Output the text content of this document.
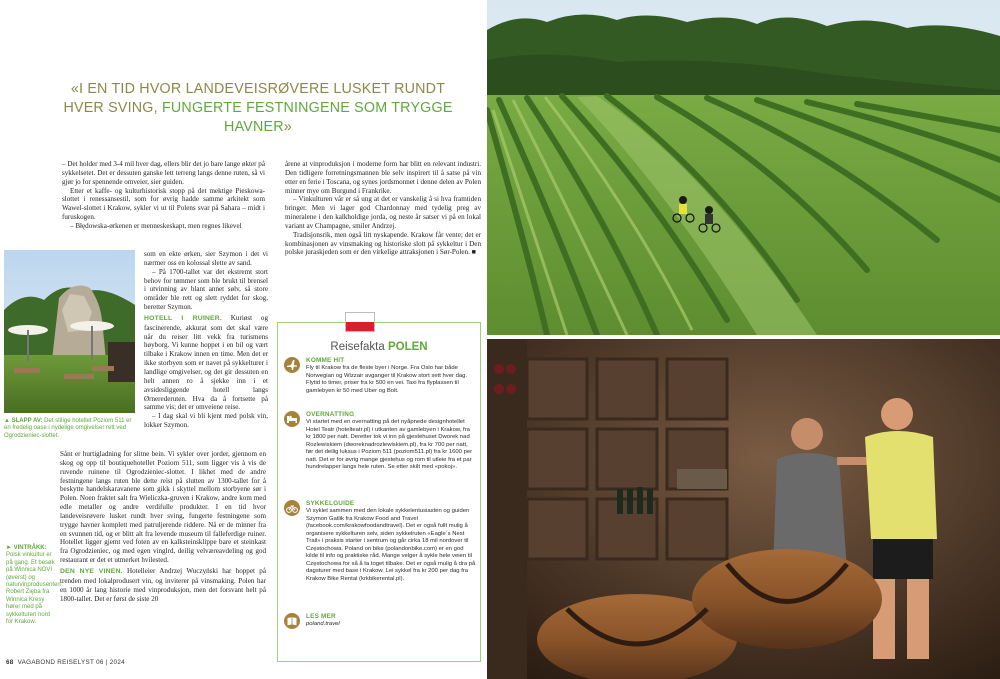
«I EN TID HVOR LANDEVEISRØVERE LUSKET RUNDT HVER SVING, FUNGERTE FESTNINGENE SOM TRYGGE HAVNER»

– Det holder med 3-4 mil hver dag, ellers blir det jo bare lange økter på sykkelsetet. Det er dessuten ganske lett terreng langs denne ruten, så vi gjør jo for spennende omveier, sier guiden.

Etter et kaffe- og kulturhistorisk stopp på det mektige Pieskowa-slottet i renessansestil, som for øvrig hadde samme arkitekt som Wawel-slottet i Krakow, sykler vi ut til Polens svar på Sahara – midt i furuskogen.

– Błędowska-ørkenen er menneskeskapt, men regnes likevel

som en ekte ørken, sier Szymon i det vi nærmer oss en kolossal slette av sand.

– På 1700-tallet var det ekstremt stort behov for tømmer som ble brukt til brensel i utvinning av blant annet sølv, så store områder ble rett og slett ryddet for skog, beretter Szymon.

HOTELL I RUINER. Kuriøst og fascinerende, akkurat som det skal være når du reiser litt vekk fra turismens høyborg. Vi kunne hoppet i en bil og vært tilbake i Krakow innen en time. Men det er ikke storbyen som er navet på sykkelturer i landlige omgivelser, og det gir dessuten en helt annen ro å sjekke inn i et avsidesliggende hotell langs Ørnerederuten. Hva da å fortsette på samme vis; det er omveiene reise.

– I dag skal vi bli kjent med polsk vin, lokker Szymon.

▲ SLAPP AV: Det stilige hotellet Poziom 511 er en fredelig oase i nydelige omgivelser rett ved Ogrodzieniec-slottet.

Sånt er hurtigladning for slitne bein. Vi sykler over jorder, gjennom en skog og opp til boutiquehotellet Poziom 511, som ligger vis à vis de ruvende ruinene til Ogrodzieniec-slottet. I likhet med de andre festningene langs ruten ble dette reist på slutten av 1300-tallet for å beskytte handelskaravanene som gikk i skyttel mellom storbyene sør i Polen. Noen fraktet salt fra Wieliczka-gruven i Krakow, andre kom med edle metaller og andre verdifulle produkter. I en tid hvor landeveisrøvere lusket rundt hver sving, fungerte festningene som trygge havner komplett med patruljerende riddere. Nå er de minner fra en svunnen tid, og er blitt alt fra levende museum til falleferdige ruiner. Hotellet ligger gjemt ved foten av en kalksteinsklippe bare et steinkast fra Ogrodzieniec, og med egen vinglrd, deilig velværeavdeling og god restaurant er det et utmerket hvilested.

DEN NYE VINEN. Hotelleier Andrzej Wuczyński har hoppet på trenden med lokalprodusert vin, og inviterer på vinsmaking. Polen har en 1000 år lang historie med vinproduksjon, men det forsvant helt på 1800-tallet. Det er først de siste 20

► VINTRÅKK: Polsk vinkultur er på gang. Et besøk på Winnica NOVI (øverst) og naturvinprodusenten Robert Zięba fra Winnica Kresy hører med på sykkelturen nord for Krakow.

årene at vinproduksjon i moderne form har blitt en relevant industri. Den tidligere forretningsmannen ble selv inspirert til å satse på vin etter en ferie i Toscana, og synes jordsmonnet i denne delen av Polen minner mye om Burgund i Frankrike.

– Vinkulturen vår er så ung at det er vanskelig å si hva framtiden bringer. Men vi lager god Chardonnay med tydelig preg av mineralene i den kalkholdige jorda, og neste år satser vi på en lokal variant av Champagne, smiler Andrzej.

Tradisjonsrik, men også litt nyskapende. Krakow får vente; det er kombinasjonen av vinsmaking og historiske slott på sykkeltur i Den polske juraskjeden som er den virkelige attraksjonen i Sør-Polen. ■

Reisefakta POLEN
KOMME HIT
Fly til Krakow fra de fleste byer i Norge. Fra Oslo har både Norwegian og Wizzair avganger til Krakow stort sett hver dag. Flytid to timer, priser fra kr 500 en vei. Taxi fra flyplassen til gamlebyen kr 50 med Uber og Bolt.
OVERNATTING
Vi startet med en overnatting på det nyåpnede designhotellet Hotel Teatr (hotelteatr.pl) i utkanten av gamlebyen i Krakow, fra kr 1800 per natt. Deretter tok vi inn på gjestehuset Dworek nad Rozlewiskiem (dworeknadrozlewiskiem.pl), fra kr 700 per natt, før det deilig luksus i Poziom 511 (poziom511.pl) fra kr 1600 per natt. Det er for øvrig mange gjestehus og rom til utleie fra et par hundrelapper langs hele ruten. Se etter skilt med «pokoj».
SYKKELGUIDE
Vi syklet sammen med den lokale sykkelentusiasten og guiden Szymon Gatlik fra Krakow Food and Travel (facebook.com/krakowfoodandtravel). Det er også fullt mulig å organisere sykkelturen selv, siden sykkelruten «Eagle´s Nest Trail» i praksis starter i sentrum og går cirka 18 mil nordover til Częstochowa. Poland on bike (polandonbike.com) er en god kilde til info og praktiske råd. Mange velger å sykle hele veien til Częstochowa for så å ta toget tilbake. Det er også mulig å dra på dagsturer med base i Krakow. Lei sykkel fra kr 200 per dag fra Krakow Bike Rental (krkbikerental.pl).
LES MER
poland.travel
68 VAGABOND REISELYST 06 | 2024
